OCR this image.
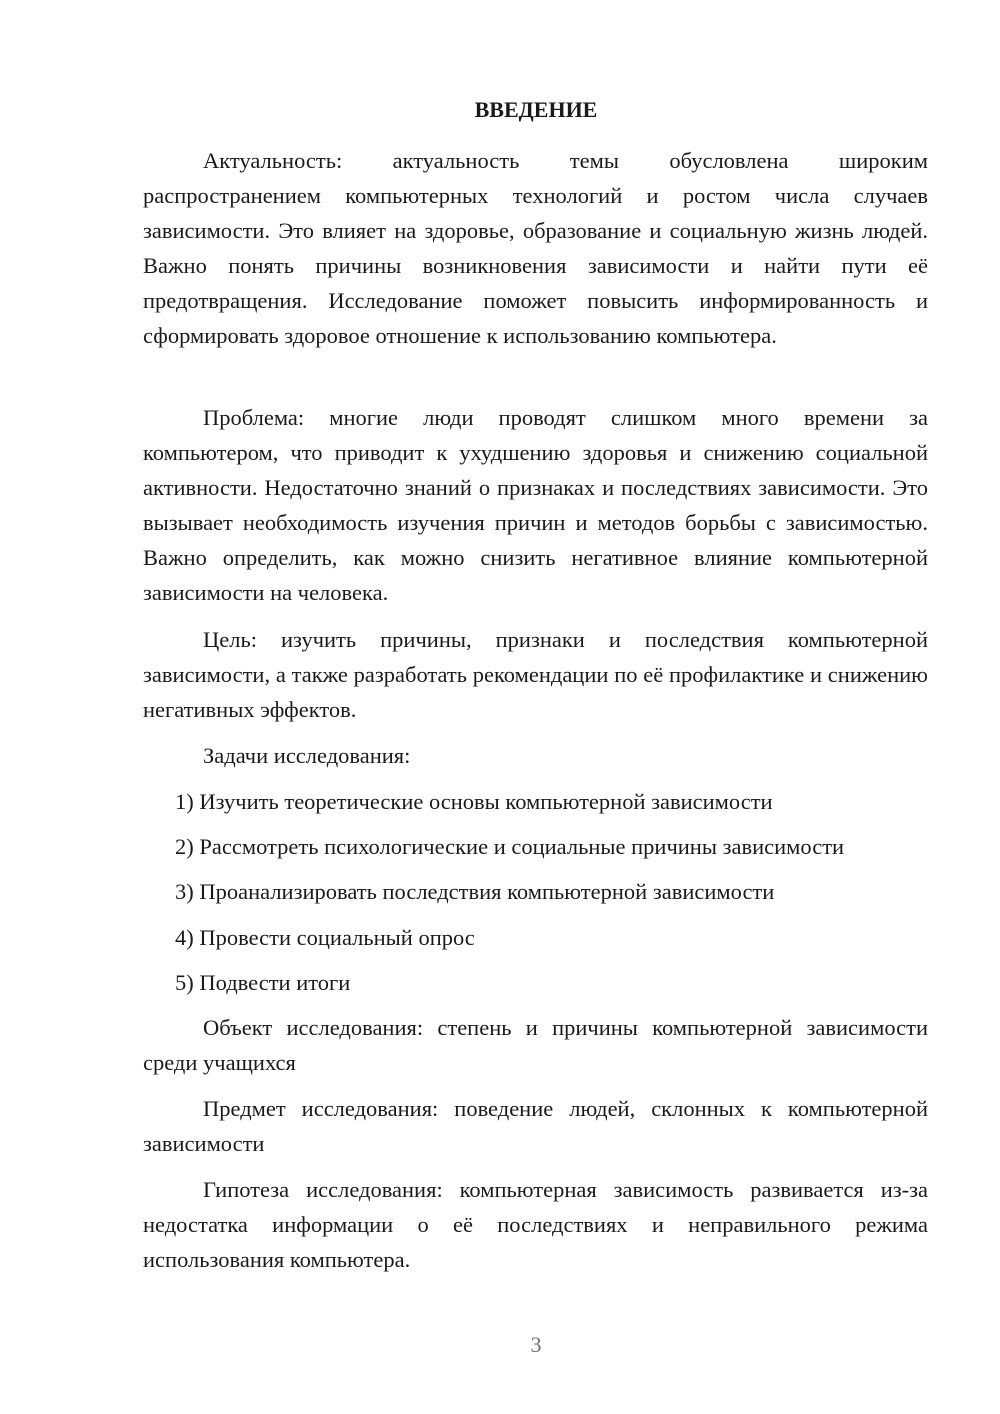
ВВЕДЕНИЕ
Актуальность: актуальность темы обусловлена широким распространением компьютерных технологий и ростом числа случаев зависимости. Это влияет на здоровье, образование и социальную жизнь людей. Важно понять причины возникновения зависимости и найти пути её предотвращения. Исследование поможет повысить информированность и сформировать здоровое отношение к использованию компьютера.
Проблема: многие люди проводят слишком много времени за компьютером, что приводит к ухудшению здоровья и снижению социальной активности. Недостаточно знаний о признаках и последствиях зависимости. Это вызывает необходимость изучения причин и методов борьбы с зависимостью. Важно определить, как можно снизить негативное влияние компьютерной зависимости на человека.
Цель: изучить причины, признаки и последствия компьютерной зависимости, а также разработать рекомендации по её профилактике и снижению негативных эффектов.
Задачи исследования:
1) Изучить теоретические основы компьютерной зависимости
2) Рассмотреть психологические и социальные причины зависимости
3) Проанализировать последствия компьютерной зависимости
4) Провести социальный опрос
5) Подвести итоги
Объект исследования: степень и причины компьютерной зависимости среди учащихся
Предмет исследования: поведение людей, склонных к компьютерной зависимости
Гипотеза исследования: компьютерная зависимость развивается из-за недостатка информации о её последствиях и неправильного режима использования компьютера.
3
